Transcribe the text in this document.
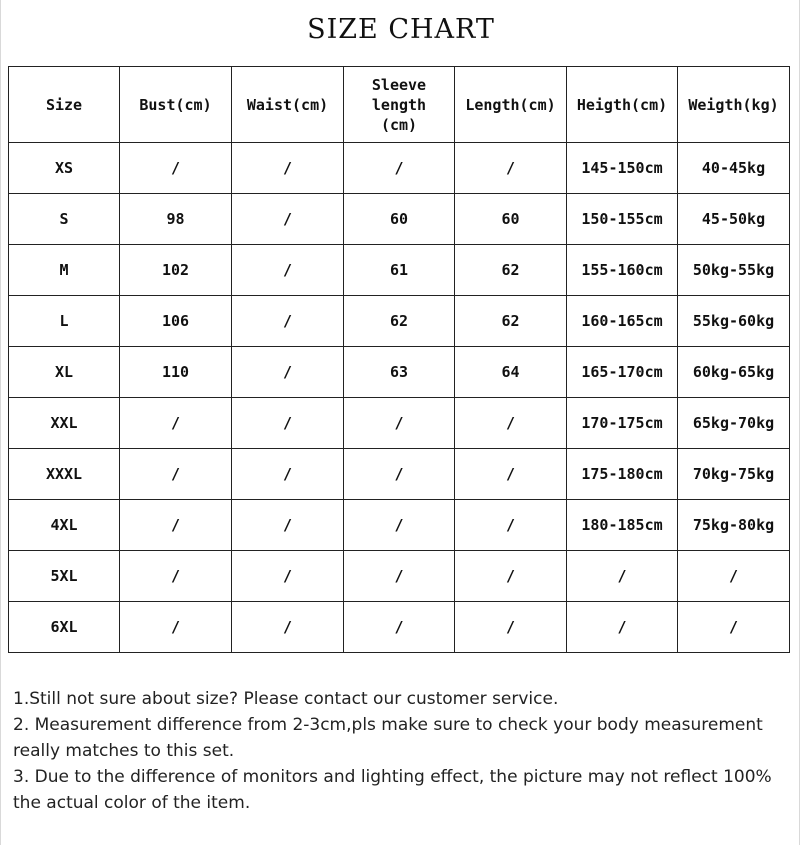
SIZE CHART
Size	Bust(cm)	Waist(cm)	Sleeve length (cm)	Length(cm)	Heigth(cm)	Weigth(kg)
XS	/	/	/	/	145-150cm	40-45kg
S	98	/	60	60	150-155cm	45-50kg
M	102	/	61	62	155-160cm	50kg-55kg
L	106	/	62	62	160-165cm	55kg-60kg
XL	110	/	63	64	165-170cm	60kg-65kg
XXL	/	/	/	/	170-175cm	65kg-70kg
XXXL	/	/	/	/	175-180cm	70kg-75kg
4XL	/	/	/	/	180-185cm	75kg-80kg
5XL	/	/	/	/	/	/
6XL	/	/	/	/	/	/

1.Still not sure about size? Please contact our customer service.

2. Measurement difference from 2-3cm,pls make sure to check your body measurement really matches to this set.

3. Due to the difference of monitors and lighting effect, the picture may not reflect 100% the actual color of the item.
